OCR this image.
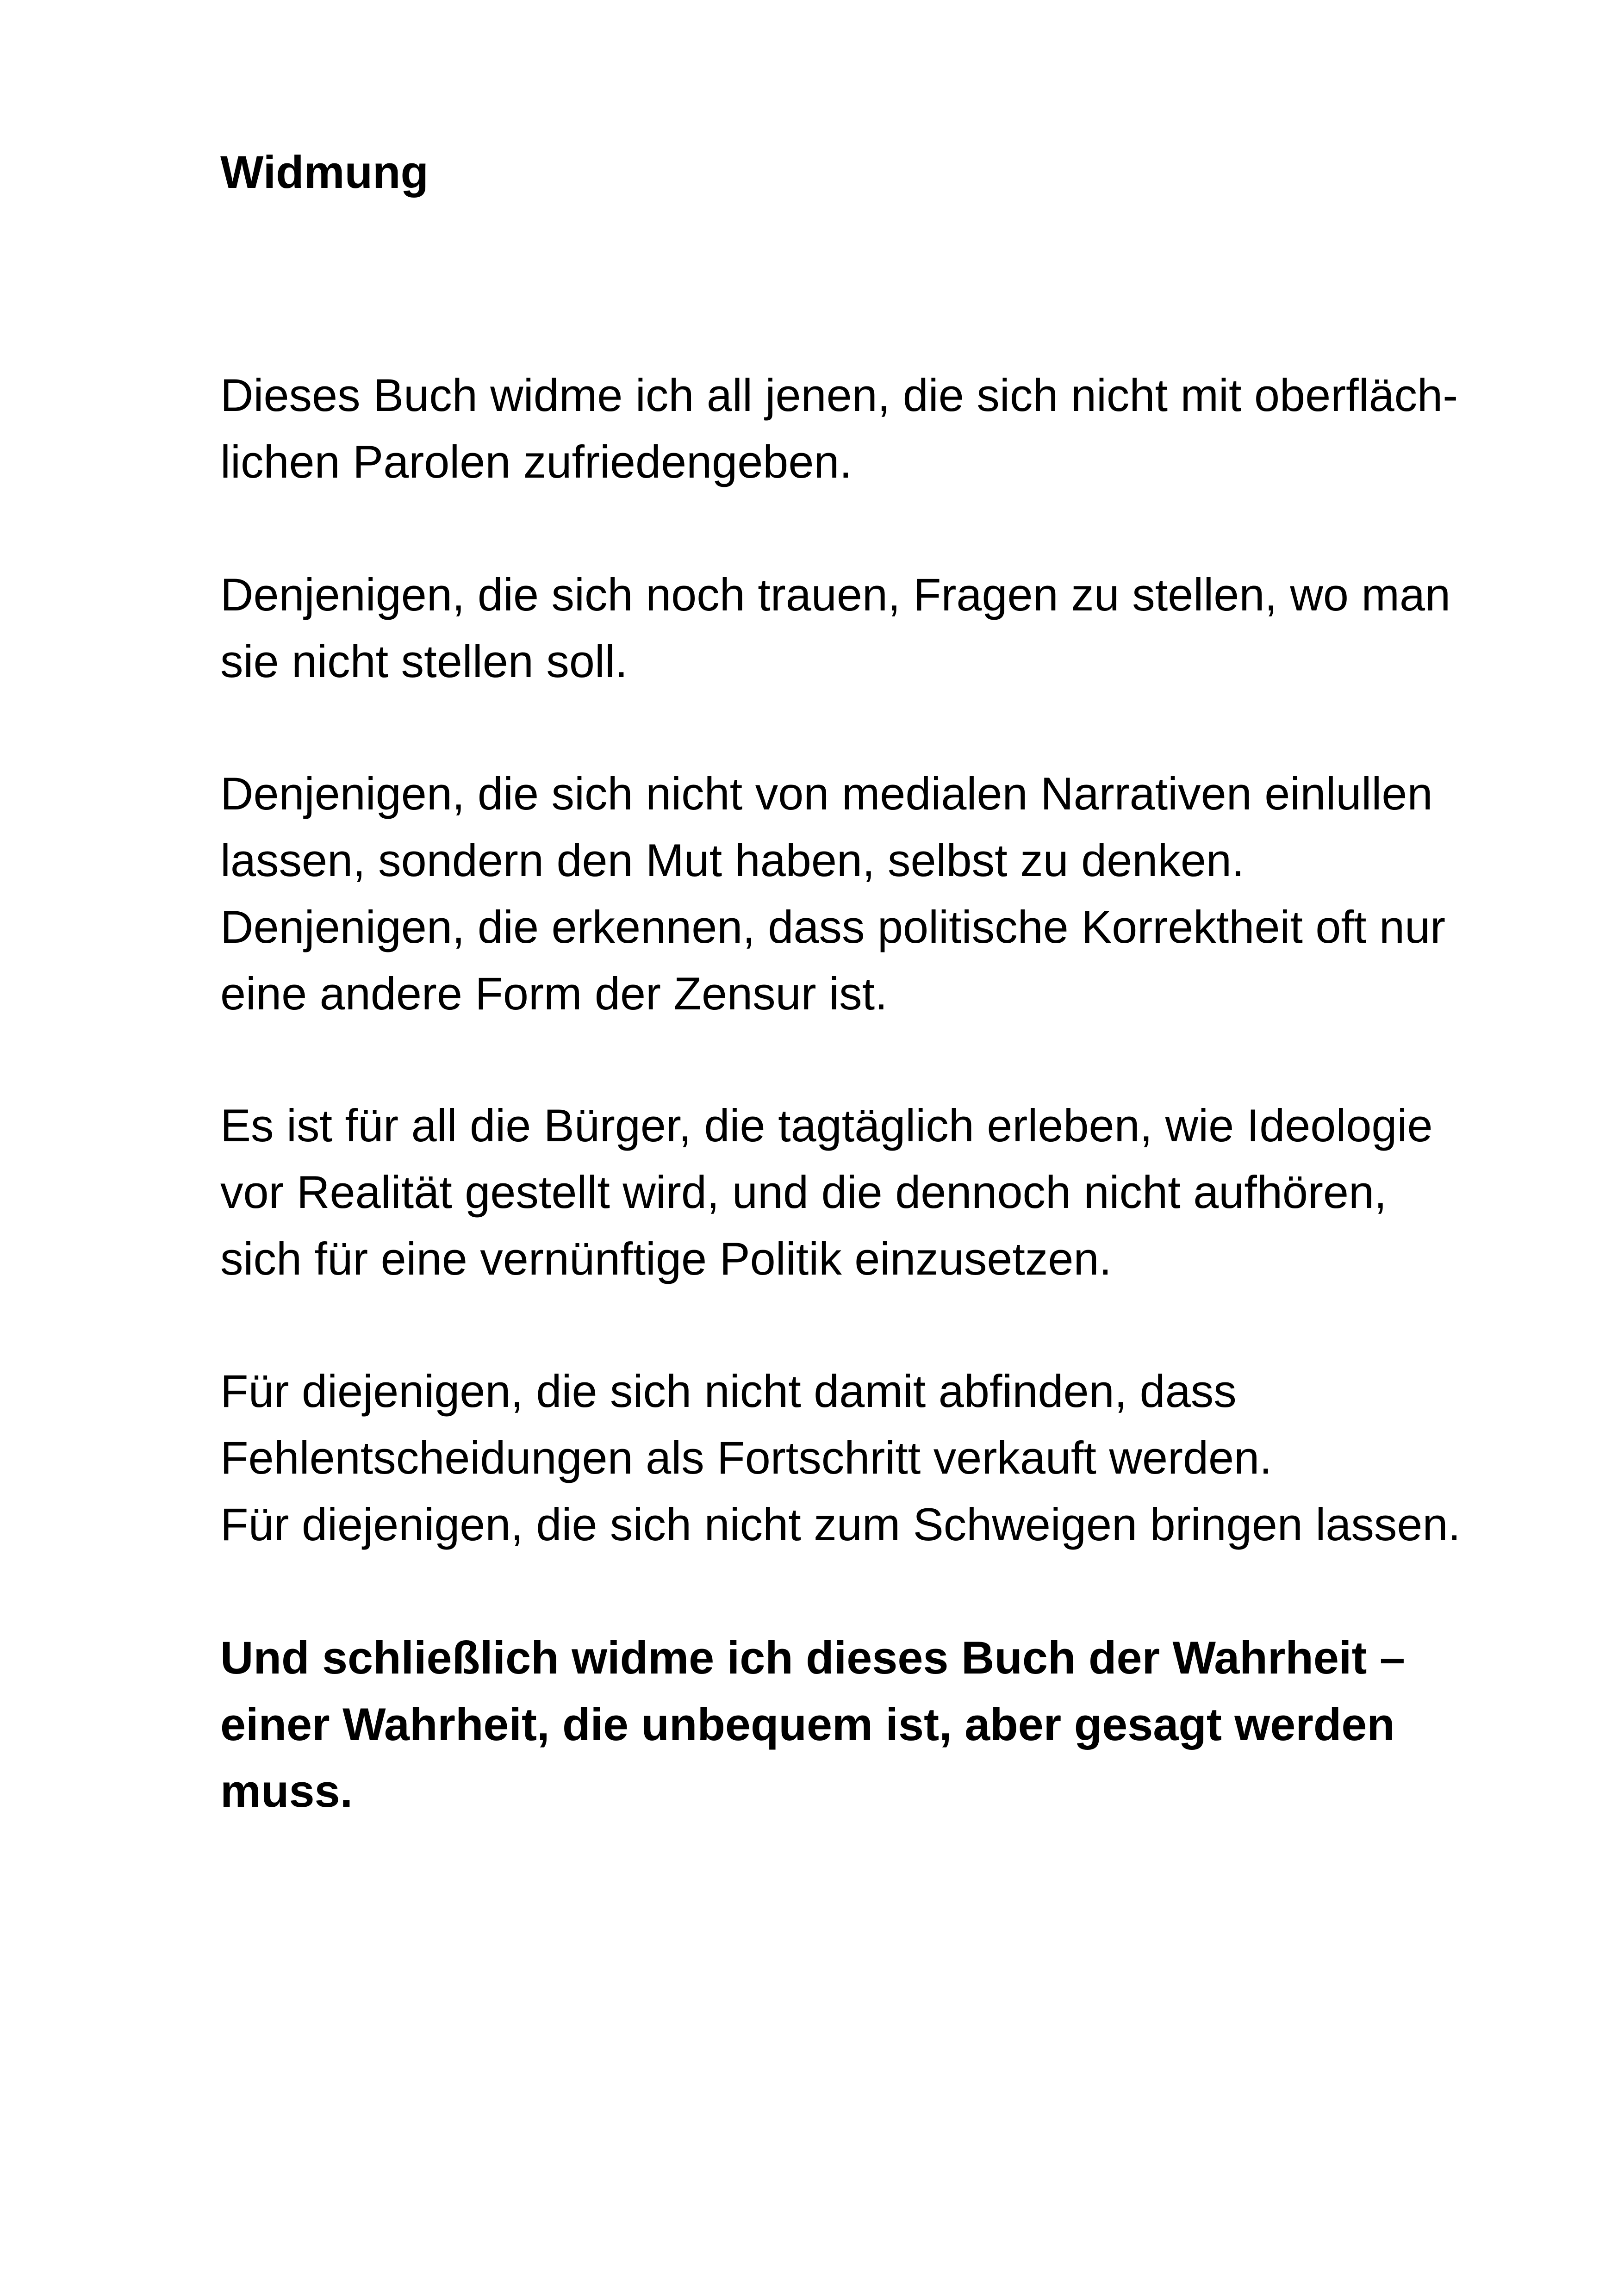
Widmung
Dieses Buch widme ich all jenen, die sich nicht mit oberfläch-
lichen Parolen zufriedengeben.
Denjenigen, die sich noch trauen, Fragen zu stellen, wo man
sie nicht stellen soll.
Denjenigen, die sich nicht von medialen Narrativen einlullen
lassen, sondern den Mut haben, selbst zu denken.
Denjenigen, die erkennen, dass politische Korrektheit oft nur
eine andere Form der Zensur ist.
Es ist für all die Bürger, die tagtäglich erleben, wie Ideologie
vor Realität gestellt wird, und die dennoch nicht aufhören,
sich für eine vernünftige Politik einzusetzen.
Für diejenigen, die sich nicht damit abfinden, dass
Fehlentscheidungen als Fortschritt verkauft werden.
Für diejenigen, die sich nicht zum Schweigen bringen lassen.
Und schließlich widme ich dieses Buch der Wahrheit –
einer Wahrheit, die unbequem ist, aber gesagt werden
muss.
